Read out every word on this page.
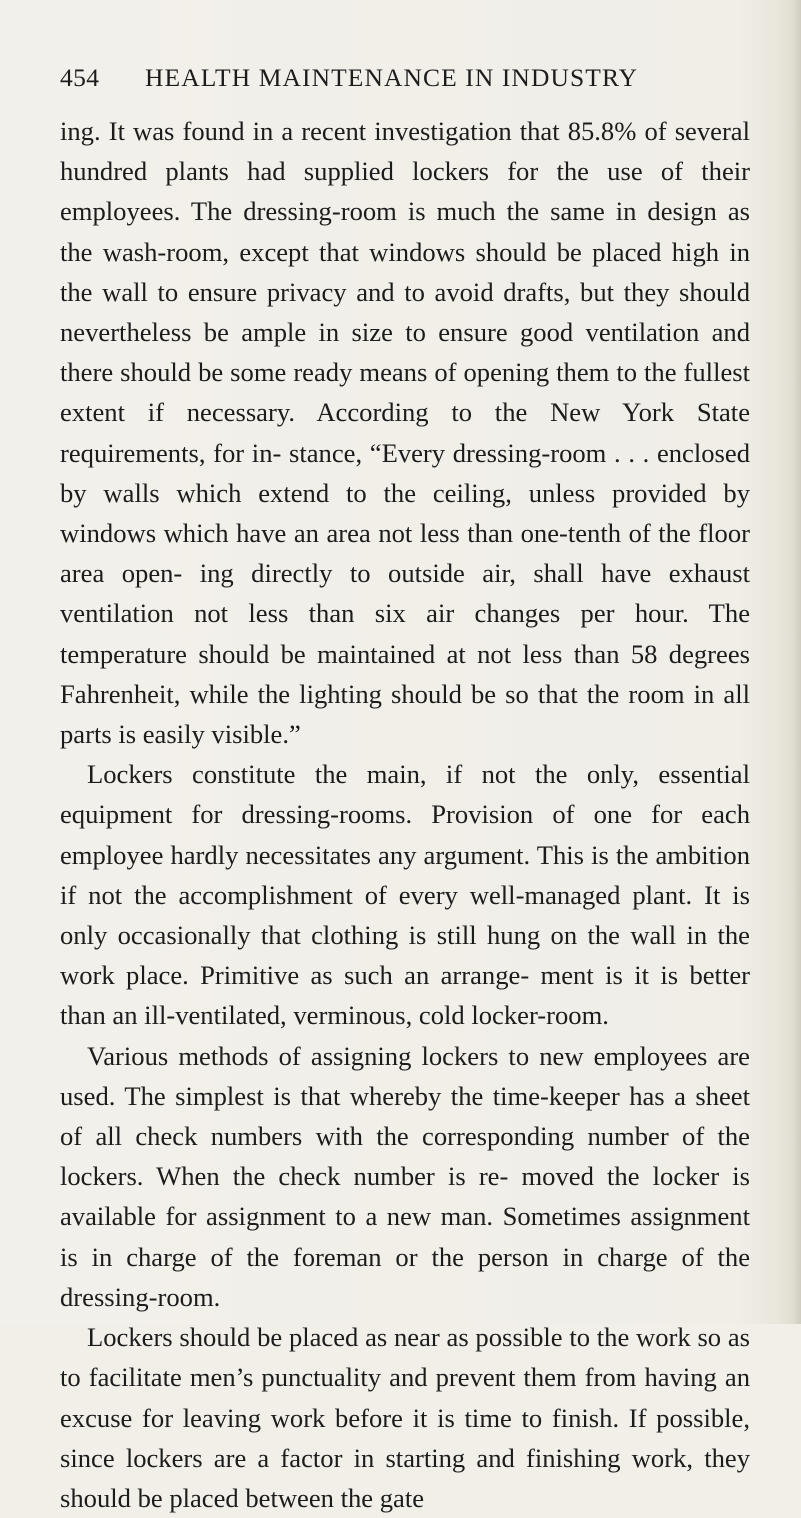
454 HEALTH MAINTENANCE IN INDUSTRY

ing. It was found in a recent investigation that 85.8% of several hundred plants had supplied lockers for the use of their employees. The dressing-room is much the same in design as the wash-room, except that windows should be placed high in the wall to ensure privacy and to avoid drafts, but they should nevertheless be ample in size to ensure good ventilation and there should be some ready means of opening them to the fullest extent if necessary. According to the New York State requirements, for in- stance, “Every dressing-room . . . enclosed by walls which extend to the ceiling, unless provided by windows which have an area not less than one-tenth of the floor area open- ing directly to outside air, shall have exhaust ventilation not less than six air changes per hour. The temperature should be maintained at not less than 58 degrees Fahrenheit, while the lighting should be so that the room in all parts is easily visible.”

Lockers constitute the main, if not the only, essential equipment for dressing-rooms. Provision of one for each employee hardly necessitates any argument. This is the ambition if not the accomplishment of every well-managed plant. It is only occasionally that clothing is still hung on the wall in the work place. Primitive as such an arrange- ment is it is better than an ill-ventilated, verminous, cold locker-room.

Various methods of assigning lockers to new employees are used. The simplest is that whereby the time-keeper has a sheet of all check numbers with the corresponding number of the lockers. When the check number is re- moved the locker is available for assignment to a new man. Sometimes assignment is in charge of the foreman or the person in charge of the dressing-room.

Lockers should be placed as near as possible to the work so as to facilitate men’s punctuality and prevent them from having an excuse for leaving work before it is time to finish. If possible, since lockers are a factor in starting and finishing work, they should be placed between the gate
